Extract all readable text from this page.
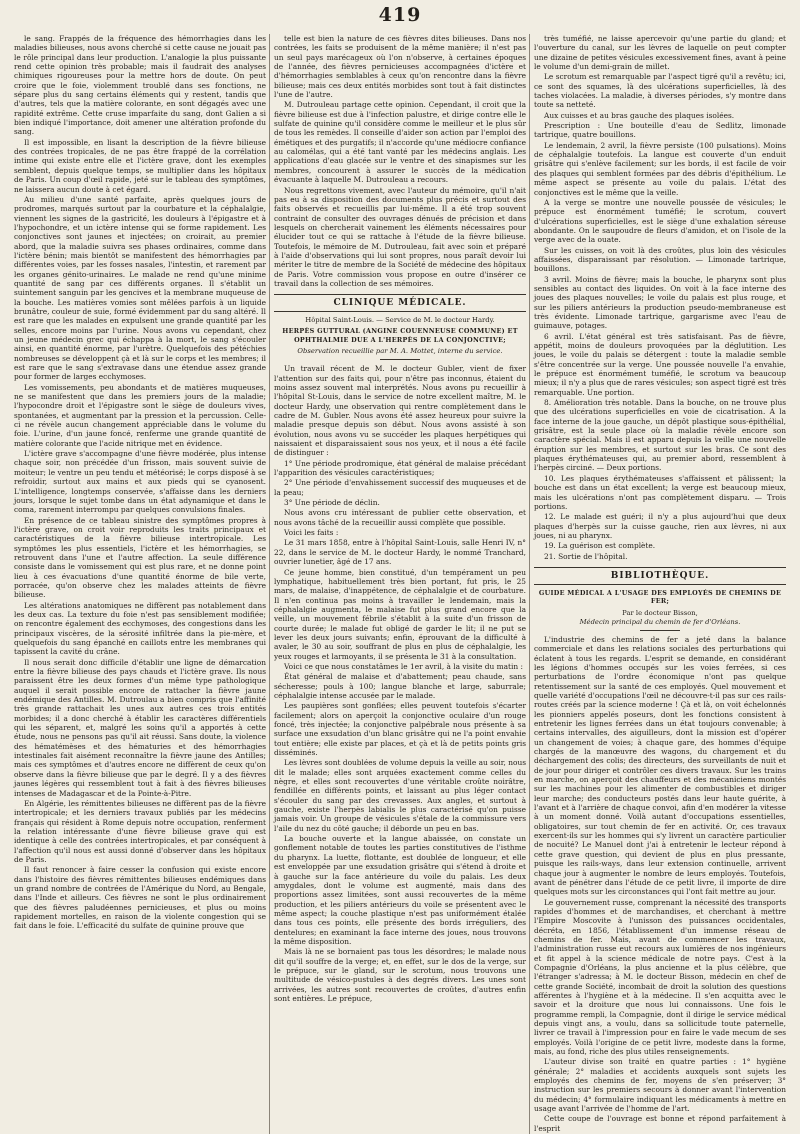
419

le sang. Frappés de la fréquence des hémorrhagies dans les maladies bilieuses, nous avons cherché si cette cause ne jouait pas le rôle principal dans leur production. L'analogie la plus puissante rend cette opinion très probable; mais il faudrait des analyses chimiques rigoureuses pour la mettre hors de doute. On peut croire que le foie, violemment troublé dans ses fonctions, ne sépare plus du sang certains éléments qui y restent, tandis que d'autres, tels que la matière colorante, en sont dégagés avec une rapidité extrême. Cette cruse imparfaite du sang, dont Galien a si bien indiqué l'importance, doit amener une altération profonde du sang.

Il est impossible, en lisant la description de la fièvre bilieuse des contrées tropicales, de ne pas être frappé de la corrélation intime qui existe entre elle et l'ictère grave, dont les exemples semblent, depuis quelque temps, se multiplier dans les hôpitaux de Paris. Un coup d'œil rapide, jeté sur le tableau des symptômes, ne laissera aucun doute à cet égard.

Au milieu d'une santé parfaite, après quelques jours de prodromes, marqués surtout par la courbature et la céphalalgie, viennent les signes de la gastricité, les douleurs à l'épigastre et à l'hypochondre, et un ictère intense qui se forme rapidement. Les conjonctives sont jaunes et injectées; on croirait, au premier abord, que la maladie suivra ses phases ordinaires, comme dans l'ictère bénin; mais bientôt se manifestent des hémorrhagies par différentes voies, par les fosses nasales, l'intestin, et rarement par les organes génito-urinaires. Le malade ne rend qu'une minime quantité de sang par ces différents organes. Il s'établit un suintement sanguin par les gencives et la membrane muqueuse de la bouche. Les matières vomies sont mêlées parfois à un liquide brunâtre, couleur de suie, formé évidemment par du sang altéré. Il est rare que les malades en expulsent une grande quantité par les selles, encore moins par l'urine. Nous avons vu cependant, chez un jeune médecin grec qui échappa à la mort, le sang s'écouler ainsi, en quantité énorme, par l'urètre. Quelquefois des pétéchies nombreuses se développent çà et là sur le corps et les membres; il est rare que le sang s'extravase dans une étendue assez grande pour former de larges ecchymoses.

Les vomissements, peu abondants et de matières muqueuses, ne se manifestent que dans les premiers jours de la maladie; l'hypocondre droit et l'épigastre sont le siège de douleurs vives, spontanées, et augmentant par la pression et la percussion. Celle-ci ne révèle aucun changement appréciable dans le volume du foie. L'urine, d'un jaune foncé, renferme une grande quantité de matière colorante que l'acide nitrique met en évidence.

L'ictère grave s'accompagne d'une fièvre modérée, plus intense chaque soir, non précédée d'un frisson, mais souvent suivie de moiteur; le ventre un peu tendu et météorisé; le corps disposé à se refroidir, surtout aux mains et aux pieds qui se cyanosent. L'intelligence, longtemps conservée, s'affaisse dans les derniers jours, lorsque le sujet tombe dans un état adynamique et dans le coma, rarement interrompu par quelques convulsions finales.

En présence de ce tableau sinistre des symptômes propres à l'ictère grave, on croit voir reproduits les traits principaux et caractéristiques de la fièvre bilieuse intertropicale. Les symptômes les plus essentiels, l'ictère et les hémorrhagies, se retrouvent dans l'une et l'autre affection. La seule différence consiste dans le vomissement qui est plus rare, et ne donne point lieu à ces évacuations d'une quantité énorme de bile verte, porracée, qu'on observe chez les malades atteints de fièvre bilieuse.

Les altérations anatomiques ne diffèrent pas notablement dans les deux cas. La texture du foie n'est pas sensiblement modifiée; on rencontre également des ecchymoses, des congestions dans les principaux viscères, de la sérosité infiltrée dans la pie-mère, et quelquefois du sang épanché en caillots entre les membranes qui tapissent la cavité du crâne.

Il nous serait donc difficile d'établir une ligne de démarcation entre la fièvre bilieuse des pays chauds et l'ictère grave. Ils nous paraissent être les deux formes d'un même type pathologique auquel il serait possible encore de rattacher la fièvre jaune endémique des Antilles. M. Dutroulau a bien compris que l'affinité très grande rattachait les unes aux autres ces trois entités morbides; il a donc cherché à établir les caractères différentiels qui les séparent, et, malgré les soins qu'il a apportés à cette étude, nous ne pensons pas qu'il ait réussi. Sans doute, la violence des hématémèses et des hématuries et des hémorrhagies intestinales fait aisément reconnaître la fièvre jaune des Antilles; mais ces symptômes et d'autres encore ne diffèrent de ceux qu'on observe dans la fièvre bilieuse que par le degré. Il y a des fièvres jaunes légères qui ressemblent tout à fait à des fièvres bilieuses intenses de Madagascar et de la Pointe-à-Pitre.

En Algérie, les rémittentes bilieuses ne diffèrent pas de la fièvre intertropicale; et les derniers travaux publiés par les médecins français qui résident à Rome depuis notre occupation, renferment la relation intéressante d'une fièvre bilieuse grave qui est identique à celle des contrées intertropicales, et par conséquent à l'affection qu'il nous est aussi donné d'observer dans les hôpitaux de Paris.

Il faut renoncer à faire cesser la confusion qui existe encore dans l'histoire des fièvres rémittentes bilieuses endémiques dans un grand nombre de contrées de l'Amérique du Nord, au Bengale, dans l'Inde et ailleurs. Ces fièvres ne sont le plus ordinairement que des fièvres paludéennes pernicieuses, et plus ou moins rapidement mortelles, en raison de la violente congestion qui se fait dans le foie. L'efficacité du sulfate de quinine prouve que

telle est bien la nature de ces fièvres dites bilieuses. Dans nos contrées, les faits se produisent de la même manière; il n'est pas un seul pays marécageux où l'on n'observe, à certaines époques de l'année, des fièvres pernicieuses accompagnées d'ictère et d'hémorrhagies semblables à ceux qu'on rencontre dans la fièvre bilieuse; mais ces deux entités morbides sont tout à fait distinctes l'une de l'autre.

M. Dutrouleau partage cette opinion. Cependant, il croit que la fièvre bilieuse est due à l'infection palustre, et dirige contre elle le sulfate de quinine qu'il considère comme le meilleur et le plus sûr de tous les remèdes. Il conseille d'aider son action par l'emploi des émétiques et des purgatifs; il n'accorde qu'une médiocre confiance au calomélas, qui a été tant vanté par les médecins anglais. Les applications d'eau glacée sur le ventre et des sinapismes sur les membres, concourent à assurer le succès de la médication évacuante à laquelle M. Dutrouleau a recours.

Nous regrettons vivement, avec l'auteur du mémoire, qu'il n'ait pas eu à sa disposition des documents plus précis et surtout des faits observés et recueillis par lui-même. Il a été trop souvent contraint de consulter des ouvrages dénués de précision et dans lesquels on chercherait vainement les éléments nécessaires pour élucider tout ce qui se rattache à l'étude de la fièvre bilieuse. Toutefois, le mémoire de M. Dutrouleau, fait avec soin et préparé à l'aide d'observations qui lui sont propres, nous paraît devoir lui mériter le titre de membre de la Société de médecine des hôpitaux de Paris. Votre commission vous propose en outre d'insérer ce travail dans la collection de ses mémoires.

CLINIQUE MÉDICALE.
Hôpital Saint-Louis. — Service de M. le docteur Hardy.
HERPÈS GUTTURAL (ANGINE COUENNEUSE COMMUNE) ET OPHTHALMIE DUE A L'HERPÈS DE LA CONJONCTIVE;
Observation recueillie par M. A. Mottet, interne du service.

Un travail récent de M. le docteur Gubler, vient de fixer l'attention sur des faits qui, pour n'être pas inconnus, étaient du moins assez souvent mal interprétés. Nous avons pu recueillir à l'hôpital St-Louis, dans le service de notre excellent maître, M. le docteur Hardy, une observation qui rentre complètement dans le cadre de M. Gubler. Nous avons été assez heureux pour suivre la maladie presque depuis son début. Nous avons assisté à son évolution, nous avons vu se succéder les plaques herpétiques qui naissaient et disparaissaient sous nos yeux, et il nous a été facile de distinguer :

1° Une période prodromique, état général de malaise précédant l'apparition des vésicules caractéristiques;

2° Une période d'envahissement successif des muqueuses et de la peau;

3° Une période de déclin.

Nous avons cru intéressant de publier cette observation, et nous avons tâché de la recueillir aussi complète que possible.

Voici les faits :

Le 31 mars 1858, entre à l'hôpital Saint-Louis, salle Henri IV, n° 22, dans le service de M. le docteur Hardy, le nommé Tranchard, ouvrier lunetier, âgé de 17 ans.

Ce jeune homme, bien constitué, d'un tempérament un peu lymphatique, habituellement très bien portant, fut pris, le 25 mars, de malaise, d'inappétence, de céphalalgie et de courbature. Il n'en continua pas moins à travailler le lendemain, mais la céphalalgie augmenta, le malaise fut plus grand encore que la veille, un mouvement fébrile s'établit à la suite d'un frisson de courte durée; le malade fut obligé de garder le lit; il ne put se lever les deux jours suivants; enfin, éprouvant de la difficulté à avaler, le 30 au soir, souffrant de plus en plus de céphalalgie, les yeux rouges et larmoyants, il se présenta le 31 à la consultation.

Voici ce que nous constatâmes le 1er avril, à la visite du matin :

État général de malaise et d'abattement; peau chaude, sans sécheresse; pouls à 100; langue blanche et large, saburrale; céphalalgie intense accusée par le malade.

Les paupières sont gonflées; elles peuvent toutefois s'écarter facilement; alors on aperçoit la conjonctive oculaire d'un rouge foncé, très injectée; la conjonctive palpébrale nous présente à sa surface une exsudation d'un blanc grisâtre qui ne l'a point envahie tout entière; elle existe par places, et çà et là de petits points gris disséminés.

Les lèvres sont doublées de volume depuis la veille au soir, nous dit le malade; elles sont arquées exactement comme celles du nègre, et elles sont recouvertes d'une véritable croûte noirâtre, fendillée en différents points, et laissant au plus léger contact s'écouler du sang par des crevasses. Aux angles, et surtout à gauche, existe l'herpès labialis le plus caractérisé qu'on puisse jamais voir. Un groupe de vésicules s'étale de la commissure vers l'aile du nez du côté gauche; il déborde un peu en bas.

La bouche ouverte et la langue abaissée, on constate un gonflement notable de toutes les parties constitutives de l'isthme du pharynx. La luette, flottante, est doublée de longueur, et elle est enveloppée par une exsudation grisâtre qui s'étend à droite et à gauche sur la face antérieure du voile du palais. Les deux amygdales, dont le volume est augmenté, mais dans des proportions assez limitées, sont aussi recouvertes de la même production, et les piliers antérieurs du voile se présentent avec le même aspect; la couche plastique n'est pas uniformément étalée dans tous ces points, elle présente des bords irréguliers, des dentelures; en examinant la face interne des joues, nous trouvons la même disposition.

Mais là ne se bornaient pas tous les désordres; le malade nous dit qu'il souffre de la verge; et, en effet, sur le dos de la verge, sur le prépuce, sur le gland, sur le scrotum, nous trouvons une multitude de vésico-pustules à des degrés divers. Les unes sont arrivées, les autres sont recouvertes de croûtes, d'autres enfin sont entières. Le prépuce,

très tuméfié, ne laisse apercevoir qu'une partie du gland; et l'ouverture du canal, sur les lèvres de laquelle on peut compter une dizaine de petites vésicules excessivement fines, avant à peine le volume d'un demi-grain de millet.

Le scrotum est remarquable par l'aspect tigré qu'il a revêtu; ici, ce sont des squames, là des ulcérations superficielles, là des taches violacées. La maladie, à diverses périodes, s'y montre dans toute sa netteté.

Aux cuisses et au bras gauche des plaques isolées.

Prescription : Une bouteille d'eau de Sedlitz, limonade tartrique, quatre bouillons.

Le lendemain, 2 avril, la fièvre persiste (100 pulsations). Moins de céphalalgie toutefois. La langue est couverte d'un enduit grisâtre qui s'enlève facilement; sur les bords, il est facile de voir des plaques qui semblent formées par des débris d'épithélium. Le même aspect se présente au voile du palais. L'état des conjonctives est le même que la veille.

A la verge se montre une nouvelle poussée de vésicules; le prépuce est énormément tuméfié; le scrotum, couvert d'ulcérations superficielles, est le siège d'une exhalation séreuse abondante. On le saupoudre de fleurs d'amidon, et on l'isole de la verge avec de la ouate.

Sur les cuisses, on voit là des croûtes, plus loin des vésicules affaissées, disparaissant par résolution. — Limonade tartrique, bouillons.

3 avril. Moins de fièvre; mais la bouche, le pharynx sont plus sensibles au contact des liquides. On voit à la face interne des joues des plaques nouvelles; le voile du palais est plus rouge, et sur les piliers antérieurs la production pseudo-membraneuse est très évidente. Limonade tartrique, gargarisme avec l'eau de guimauve, potages.

6 avril. L'état général est très satisfaisant. Pas de fièvre, appétit, moins de douleurs provoquées par la déglutition. Les joues, le voile du palais se détergent : toute la maladie semble s'être concentrée sur la verge. Une poussée nouvelle l'a envahie, le prépuce est énormément tuméfié, le scrotum va beaucoup mieux; il n'y a plus que de rares vésicules; son aspect tigré est très remarquable. Une portion.

8. Amélioration très notable. Dans la bouche, on ne trouve plus que des ulcérations superficielles en voie de cicatrisation. A la face interne de la joue gauche, un dépôt plastique sous-épithélial, grisâtre, est la seule place où la maladie révèle encore son caractère spécial. Mais il est apparu depuis la veille une nouvelle éruption sur les membres, et surtout sur les bras. Ce sont des plaques érythémateuses qui, au premier abord, ressemblent à l'herpès circiné. — Deux portions.

10. Les plaques érythémateuses s'affaissent et pâlissent; la bouche est dans un état excellent; la verge est beaucoup mieux, mais les ulcérations n'ont pas complètement disparu. — Trois portions.

12. Le malade est guéri; il n'y a plus aujourd'hui que deux plaques d'herpès sur la cuisse gauche, rien aux lèvres, ni aux joues, ni au pharynx.

19. La guérison est complète.

21. Sortie de l'hôpital.

BIBLIOTHÈQUE.
GUIDE MÉDICAL A L'USAGE DES EMPLOYÉS DE CHEMINS DE FER;
Par le docteur Bisson,
Médecin principal du chemin de fer d'Orléans.

L'industrie des chemins de fer a jeté dans la balance commerciale et dans les relations sociales des perturbations qui éclatent à tous les regards. L'esprit se demande, en considérant les légions d'hommes occupés sur les voies ferrées, si ces perturbations de l'ordre économique n'ont pas quelque retentissement sur la santé de ces employés. Quel mouvement et quelle variété d'occupations l'œil ne découvre-t-il pas sur ces rails-routes créés par la science moderne ! Çà et là, on voit échelonnés les pionniers appelés poseurs, dont les fonctions consistent à entretenir les lignes ferrées dans un état toujours convenable; à certains intervalles, des aiguilleurs, dont la mission est d'opérer un changement de voies; à chaque gare, des hommes d'équipe chargés de la manœuvre des wagons, du chargement et du déchargement des colis; des directeurs, des surveillants de nuit et de jour pour diriger et contrôler ces divers travaux. Sur les trains en marche, on aperçoit des chauffeurs et des mécaniciens montés sur les machines pour les alimenter de combustibles et diriger leur marche; des conducteurs postés dans leur haute guérite, à l'avant et à l'arrière de chaque convoi, afin d'en modérer la vitesse à un moment donné. Voilà autant d'occupations essentielles, obligatoires, sur tout chemin de fer en activité. Or, ces travaux exercent-ils sur les hommes qui s'y livrent un caractère particulier de nocuité? Le Manuel dont j'ai à entretenir le lecteur répond à cette grave question, qui devient de plus en plus pressante, puisque les rails-ways, dans leur extension continuelle, arrivent chaque jour à augmenter le nombre de leurs employés. Toutefois, avant de pénétrer dans l'étude de ce petit livre, il importe de dire quelques mots sur les circonstances qui l'ont fait mettre au jour.

Le gouvernement russe, comprenant la nécessité des transports rapides d'hommes et de marchandises, et cherchant à mettre l'Empire Moscovite à l'unisson des puissances occidentales, décréta, en 1856, l'établissement d'un immense réseau de chemins de fer. Mais, avant de commencer les travaux, l'administration russe eut recours aux lumières de nos ingénieurs et fit appel à la science médicale de notre pays. C'est à la Compagnie d'Orléans, la plus ancienne et la plus célèbre, que l'étranger s'adressa; à M. le docteur Bisson, médecin en chef de cette grande Société, incombait de droit la solution des questions afférentes à l'hygiène et à la médecine. Il s'en acquitta avec le savoir et la droiture que nous lui connaissons. Une fois le programme rempli, la Compagnie, dont il dirige le service médical depuis vingt ans, a voulu, dans sa sollicitude toute paternelle, livrer ce travail à l'impression pour en faire le vade mecum de ses employés. Voilà l'origine de ce petit livre, modeste dans la forme, mais, au fond, riche des plus utiles renseignements.

L'auteur divise son traité en quatre parties : 1° hygiène générale; 2° maladies et accidents auxquels sont sujets les employés des chemins de fer, moyens de s'en préserver; 3° instruction sur les premiers secours à donner avant l'intervention du médecin; 4° formulaire indiquant les médicaments à mettre en usage avant l'arrivée de l'homme de l'art.

Cette coupe de l'ouvrage est bonne et répond parfaitement à l'esprit
